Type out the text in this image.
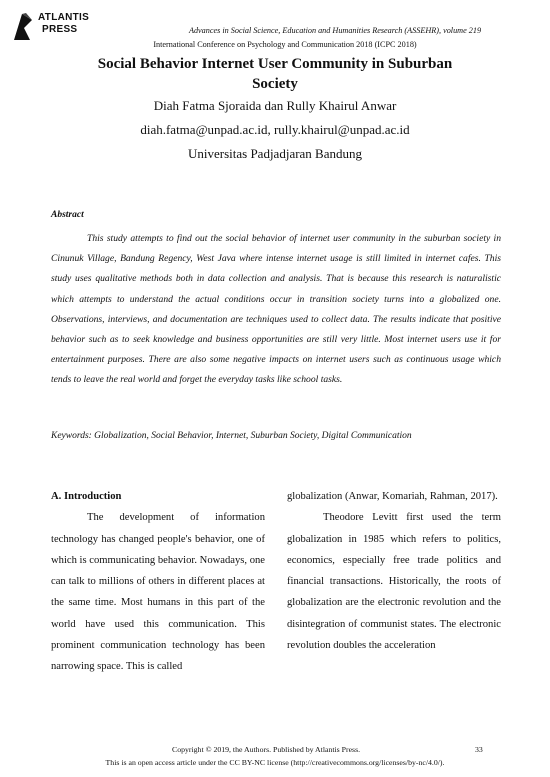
ATLANTIS
PRESS	Advances in Social Science, Education and Humanities Research (ASSEHR), volume 219
International Conference on Psychology and Communication 2018 (ICPC 2018)
Social Behavior Internet User Community in Suburban Society
Diah Fatma Sjoraida dan Rully Khairul Anwar
diah.fatma@unpad.ac.id, rully.khairul@unpad.ac.id
Universitas Padjadjaran Bandung
Abstract

This study attempts to find out the social behavior of internet user community in the suburban society in Cinunuk Village, Bandung Regency, West Java where intense internet usage is still limited in internet cafes. This study uses qualitative methods both in data collection and analysis. That is because this research is naturalistic which attempts to understand the actual conditions occur in transition society turns into a globalized one. Observations, interviews, and documentation are techniques used to collect data. The results indicate that positive behavior such as to seek knowledge and business opportunities are still very little. Most internet users use it for entertainment purposes. There are also some negative impacts on internet users such as continuous usage which tends to leave the real world and forget the everyday tasks like school tasks.

Keywords: Globalization, Social Behavior, Internet, Suburban Society, Digital Communication

A. Introduction

The development of information technology has changed people's behavior, one of which is communicating behavior. Nowadays, one can talk to millions of others in different places at the same time. Most humans in this part of the world have used this communication. This prominent communication technology has been narrowing space. This is called

globalization (Anwar, Komariah, Rahman, 2017).

Theodore Levitt first used the term globalization in 1985 which refers to politics, economics, especially free trade politics and financial transactions. Historically, the roots of globalization are the electronic revolution and the disintegration of communist states. The electronic revolution doubles the acceleration

Copyright © 2019, the Authors. Published by Atlantis Press.	33
This is an open access article under the CC BY-NC license (http://creativecommons.org/licenses/by-nc/4.0/).
